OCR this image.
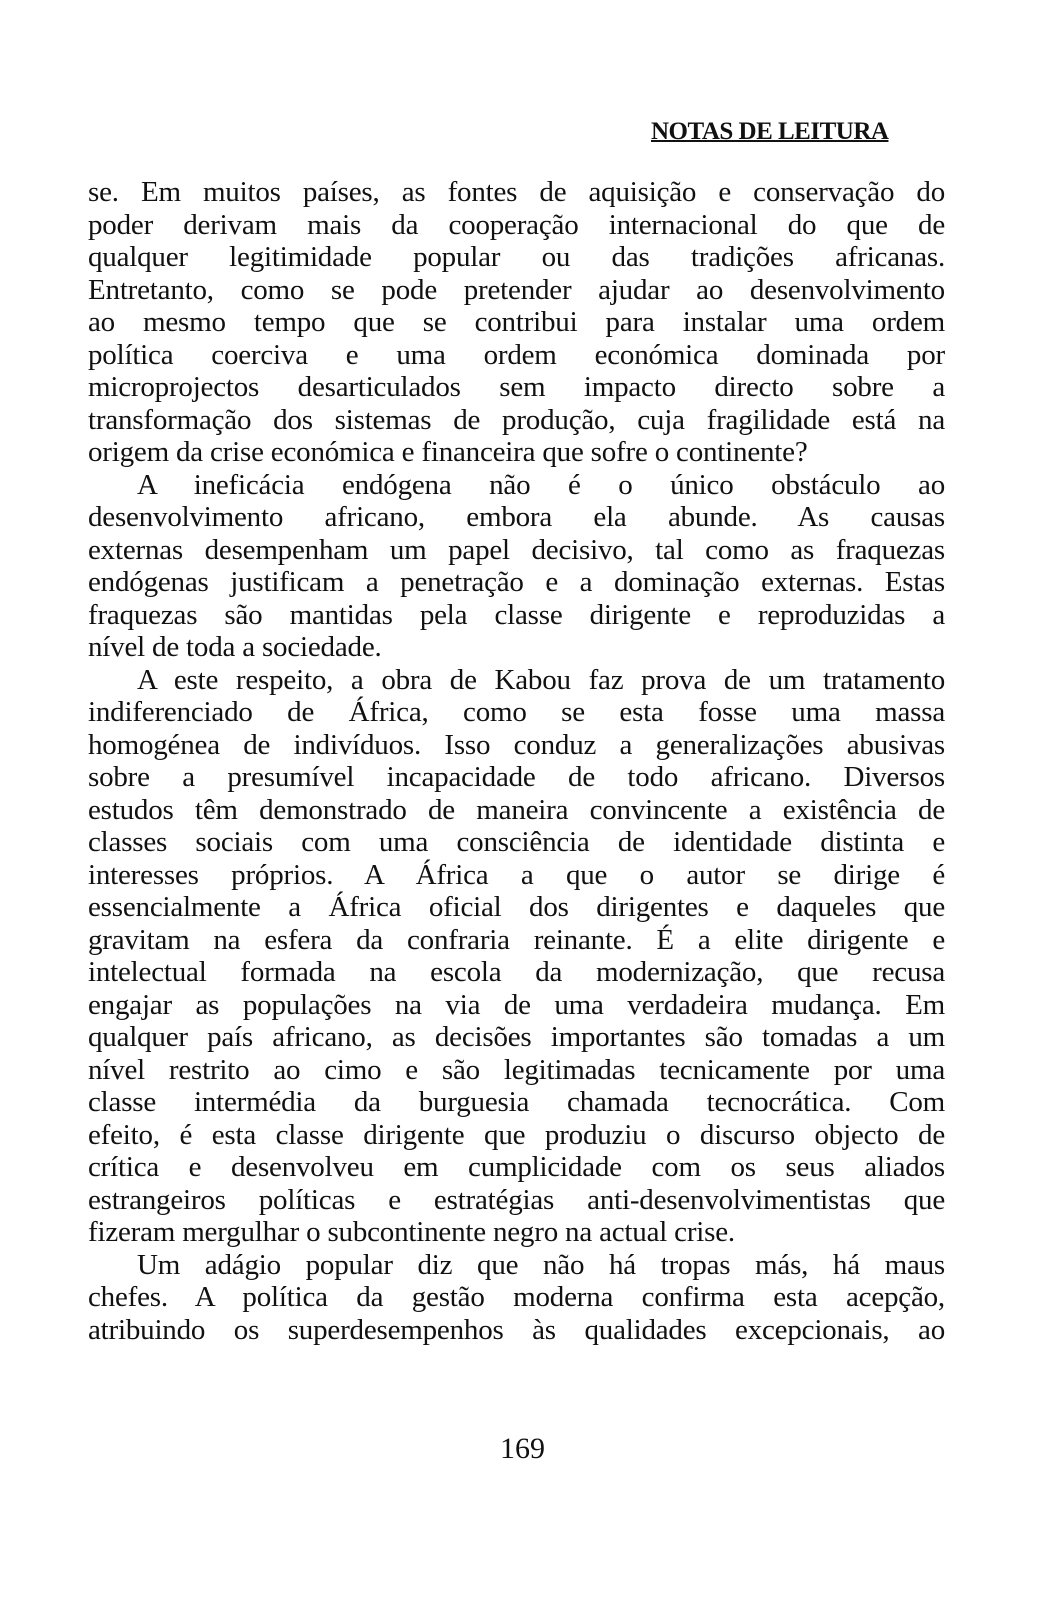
NOTAS DE LEITURA
se. Em muitos países, as fontes de aquisição e conservação do
poder derivam mais da cooperação internacional do que de
qualquer legitimidade popular ou das tradições africanas.
Entretanto, como se pode pretender ajudar ao desenvolvimento
ao mesmo tempo que se contribui para instalar uma ordem
política coerciva e uma ordem económica dominada por
microprojectos desarticulados sem impacto directo sobre a
transformação dos sistemas de produção, cuja fragilidade está na
origem da crise económica e financeira que sofre o continente?
A ineficácia endógena não é o único obstáculo ao
desenvolvimento africano, embora ela abunde. As causas
externas desempenham um papel decisivo, tal como as fraquezas
endógenas justificam a penetração e a dominação externas. Estas
fraquezas são mantidas pela classe dirigente e reproduzidas a
nível de toda a sociedade.
A este respeito, a obra de Kabou faz prova de um tratamento
indiferenciado de África, como se esta fosse uma massa
homogénea de indivíduos. Isso conduz a generalizações abusivas
sobre a presumível incapacidade de todo africano. Diversos
estudos têm demonstrado de maneira convincente a existência de
classes sociais com uma consciência de identidade distinta e
interesses próprios. A África a que o autor se dirige é
essencialmente a África oficial dos dirigentes e daqueles que
gravitam na esfera da confraria reinante. É a elite dirigente e
intelectual formada na escola da modernização, que recusa
engajar as populações na via de uma verdadeira mudança. Em
qualquer país africano, as decisões importantes são tomadas a um
nível restrito ao cimo e são legitimadas tecnicamente por uma
classe intermédia da burguesia chamada tecnocrática. Com
efeito, é esta classe dirigente que produziu o discurso objecto de
crítica e desenvolveu em cumplicidade com os seus aliados
estrangeiros políticas e estratégias anti-desenvolvimentistas que
fizeram mergulhar o subcontinente negro na actual crise.
Um adágio popular diz que não há tropas más, há maus
chefes. A política da gestão moderna confirma esta acepção,
atribuindo os superdesempenhos às qualidades excepcionais, ao
169
